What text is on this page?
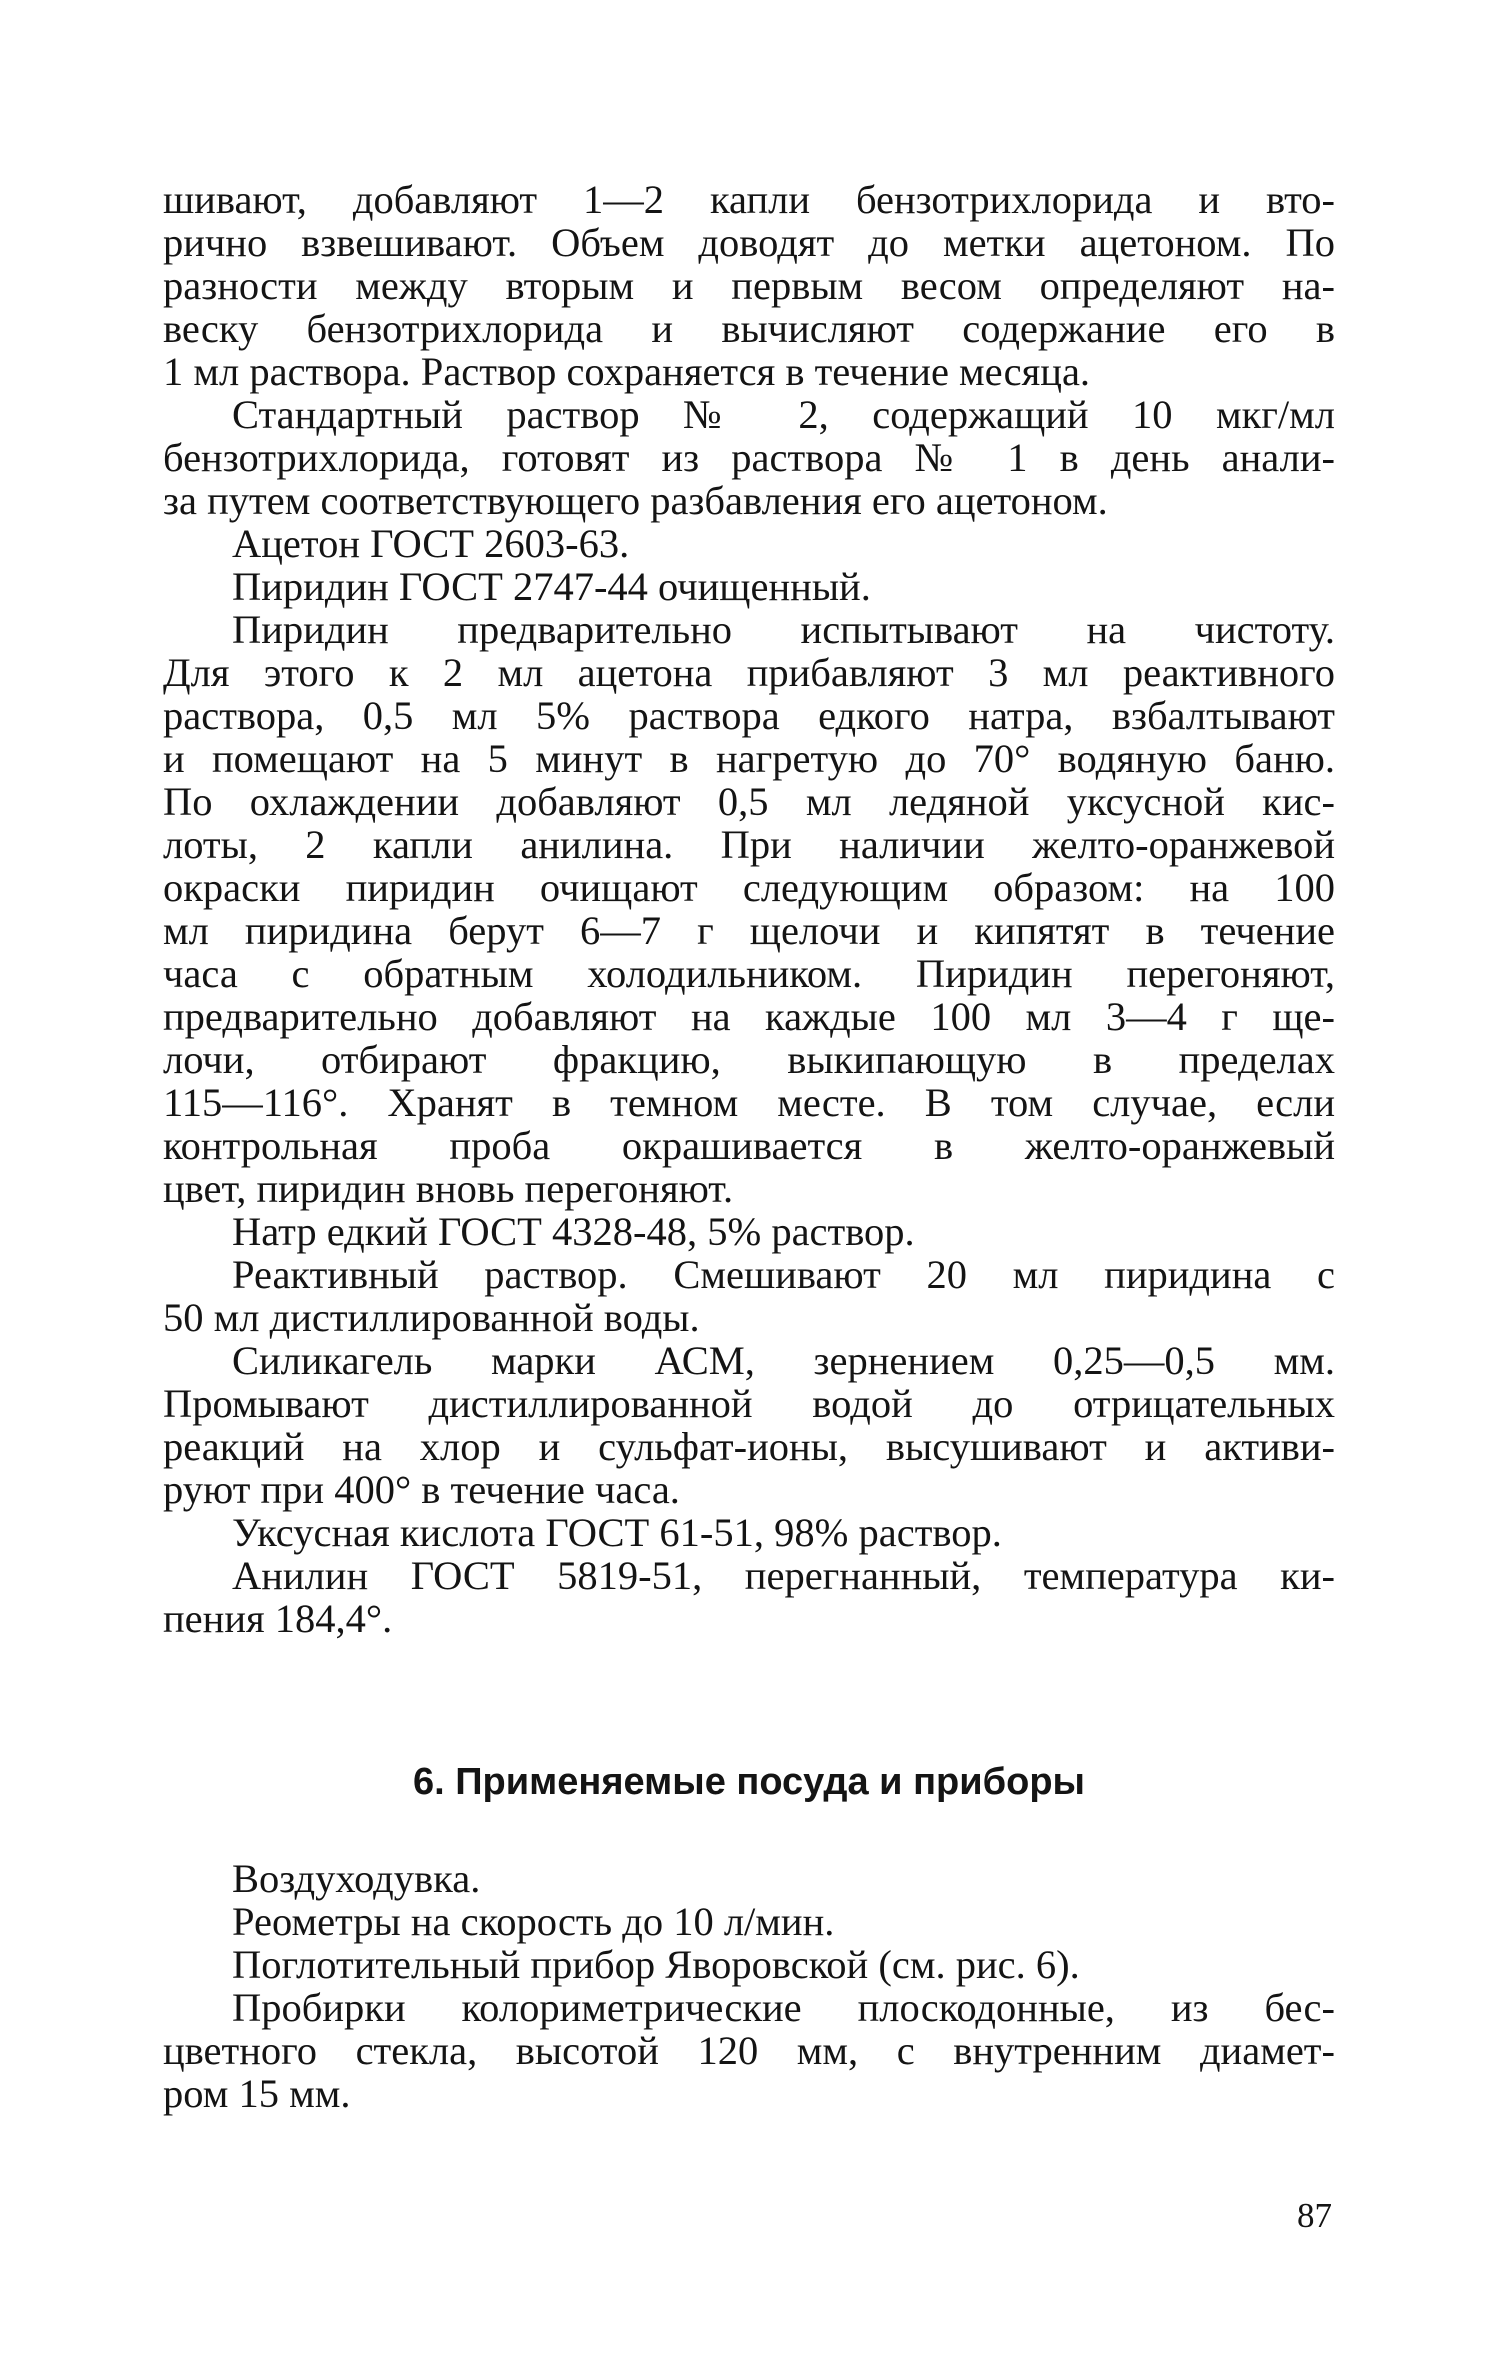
шивают, добавляют 1—2 капли бензотрихлорида и вто-
рично взвешивают. Объем доводят до метки ацетоном. По
разности между вторым и первым весом определяют на-
веску бензотрихлорида и вычисляют содержание его в
1 мл раствора. Раствор сохраняется в течение месяца.
Стандартный раствор № 2, содержащий 10 мкг/мл
бензотрихлорида, готовят из раствора № 1 в день анали-
за путем соответствующего разбавления его ацетоном.
Ацетон ГОСТ 2603-63.
Пиридин ГОСТ 2747-44 очищенный.
Пиридин предварительно испытывают на чистоту.
Для этого к 2 мл ацетона прибавляют 3 мл реактивного
раствора, 0,5 мл 5% раствора едкого натра, взбалтывают
и помещают на 5 минут в нагретую до 70° водяную баню.
По охлаждении добавляют 0,5 мл ледяной уксусной кис-
лоты, 2 капли анилина. При наличии желто-оранжевой
окраски пиридин очищают следующим образом: на 100
мл пиридина берут 6—7 г щелочи и кипятят в течение
часа с обратным холодильником. Пиридин перегоняют,
предварительно добавляют на каждые 100 мл 3—4 г ще-
лочи, отбирают фракцию, выкипающую в пределах
115—116°. Хранят в темном месте. В том случае, если
контрольная проба окрашивается в желто-оранжевый
цвет, пиридин вновь перегоняют.
Натр едкий ГОСТ 4328-48, 5% раствор.
Реактивный раствор. Смешивают 20 мл пиридина с
50 мл дистиллированной воды.
Силикагель марки АСМ, зернением 0,25—0,5 мм.
Промывают дистиллированной водой до отрицательных
реакций на хлор и сульфат-ионы, высушивают и активи-
руют при 400° в течение часа.
Уксусная кислота ГОСТ 61-51, 98% раствор.
Анилин ГОСТ 5819-51, перегнанный, температура ки-
пения 184,4°.
6. Применяемые посуда и приборы
Воздуходувка.
Реометры на скорость до 10 л/мин.
Поглотительный прибор Яворовской (см. рис. 6).
Пробирки колориметрические плоскодонные, из бес-
цветного стекла, высотой 120 мм, с внутренним диамет-
ром 15 мм.
87
